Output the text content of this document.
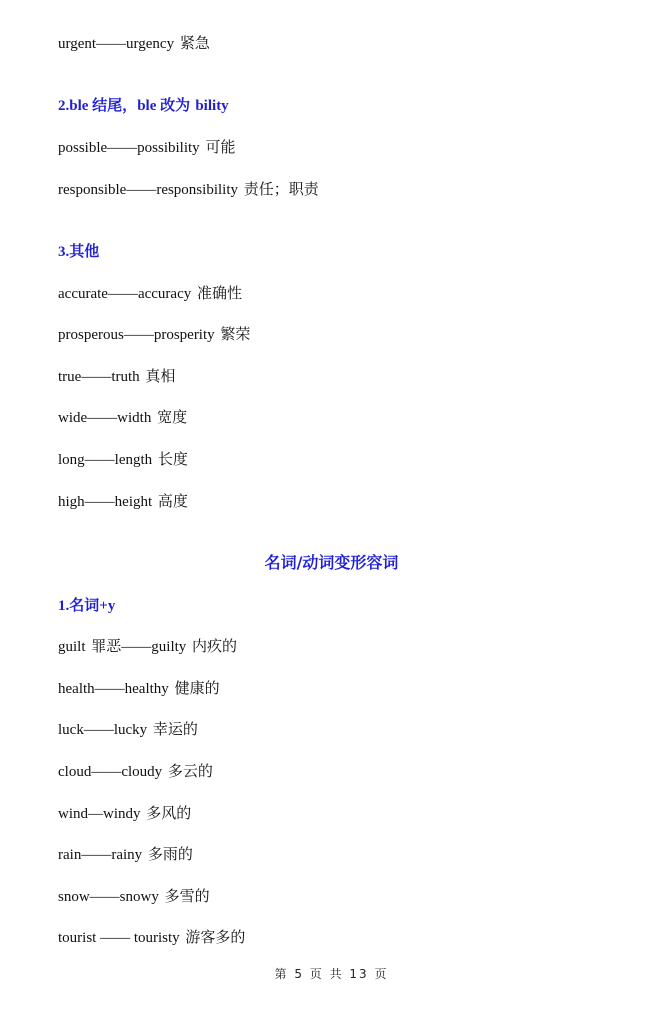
urgent——urgency 紧急
2.ble 结尾，ble 改为 bility
possible——possibility 可能
responsible——responsibility 责任；职责
3.其他
accurate——accuracy 准确性
prosperous——prosperity 繁荣
true——truth 真相
wide——width 宽度
long——length 长度
high——height 高度
名词/动词变形容词
1.名词+y
guilt 罪恶——guilty 内疚的
health——healthy 健康的
luck——lucky 幸运的
cloud——cloudy 多云的
wind—windy 多风的
rain——rainy 多雨的
snow——snowy 多雪的
tourist —— touristy 游客多的
第 5 页 共 13 页
